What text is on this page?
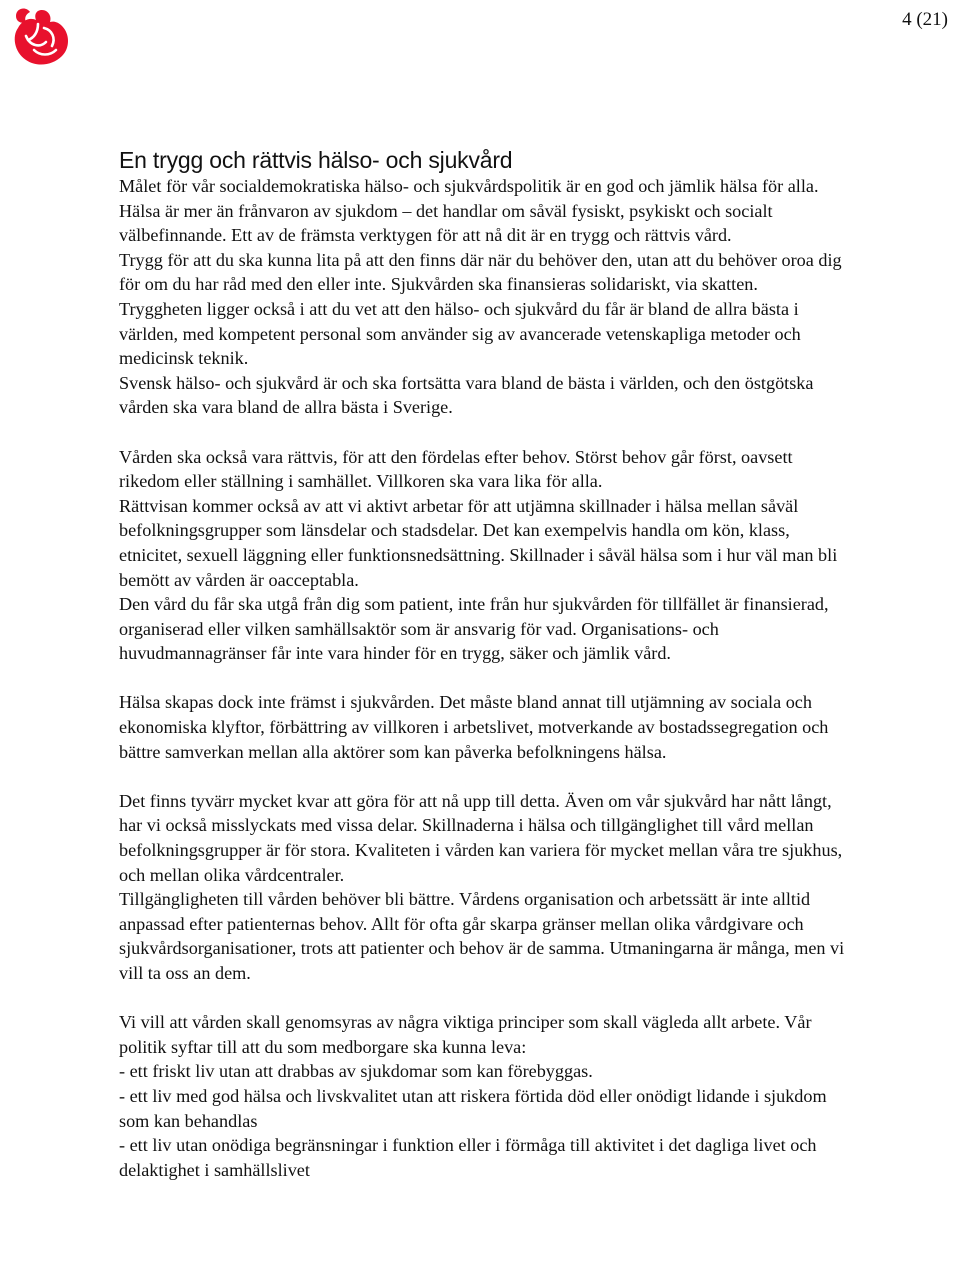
4 (21)
En trygg och rättvis hälso- och sjukvård

Målet för vår socialdemokratiska hälso- och sjukvårdspolitik är en god och jämlik hälsa för alla. Hälsa är mer än frånvaron av sjukdom – det handlar om såväl fysiskt, psykiskt och socialt välbefinnande. Ett av de främsta verktygen för att nå dit är en trygg och rättvis vård.

Trygg för att du ska kunna lita på att den finns där när du behöver den, utan att du behöver oroa dig för om du har råd med den eller inte. Sjukvården ska finansieras solidariskt, via skatten.

Tryggheten ligger också i att du vet att den hälso- och sjukvård du får är bland de allra bästa i världen, med kompetent personal som använder sig av avancerade vetenskapliga metoder och medicinsk teknik.

Svensk hälso- och sjukvård är och ska fortsätta vara bland de bästa i världen, och den östgötska vården ska vara bland de allra bästa i Sverige.

Vården ska också vara rättvis, för att den fördelas efter behov. Störst behov går först, oavsett rikedom eller ställning i samhället. Villkoren ska vara lika för alla.

Rättvisan kommer också av att vi aktivt arbetar för att utjämna skillnader i hälsa mellan såväl befolkningsgrupper som länsdelar och stadsdelar. Det kan exempelvis handla om kön, klass, etnicitet, sexuell läggning eller funktionsnedsättning. Skillnader i såväl hälsa som i hur väl man bli bemött av vården är oacceptabla.

Den vård du får ska utgå från dig som patient, inte från hur sjukvården för tillfället är finansierad, organiserad eller vilken samhällsaktör som är ansvarig för vad. Organisations- och huvudmannagränser får inte vara hinder för en trygg, säker och jämlik vård.

Hälsa skapas dock inte främst i sjukvården. Det måste bland annat till utjämning av sociala och ekonomiska klyftor, förbättring av villkoren i arbetslivet, motverkande av bostadssegregation och bättre samverkan mellan alla aktörer som kan påverka befolkningens hälsa.

Det finns tyvärr mycket kvar att göra för att nå upp till detta. Även om vår sjukvård har nått långt, har vi också misslyckats med vissa delar. Skillnaderna i hälsa och tillgänglighet till vård mellan befolkningsgrupper är för stora. Kvaliteten i vården kan variera för mycket mellan våra tre sjukhus, och mellan olika vårdcentraler.

Tillgängligheten till vården behöver bli bättre. Vårdens organisation och arbetssätt är inte alltid anpassad efter patienternas behov. Allt för ofta går skarpa gränser mellan olika vårdgivare och sjukvårdsorganisationer, trots att patienter och behov är de samma. Utmaningarna är många, men vi vill ta oss an dem.

Vi vill att vården skall genomsyras av några viktiga principer som skall vägleda allt arbete. Vår politik syftar till att du som medborgare ska kunna leva:

- ett friskt liv utan att drabbas av sjukdomar som kan förebyggas.

- ett liv med god hälsa och livskvalitet utan att riskera förtida död eller onödigt lidande i sjukdom som kan behandlas

- ett liv utan onödiga begränsningar i funktion eller i förmåga till aktivitet i det dagliga livet och delaktighet i samhällslivet
